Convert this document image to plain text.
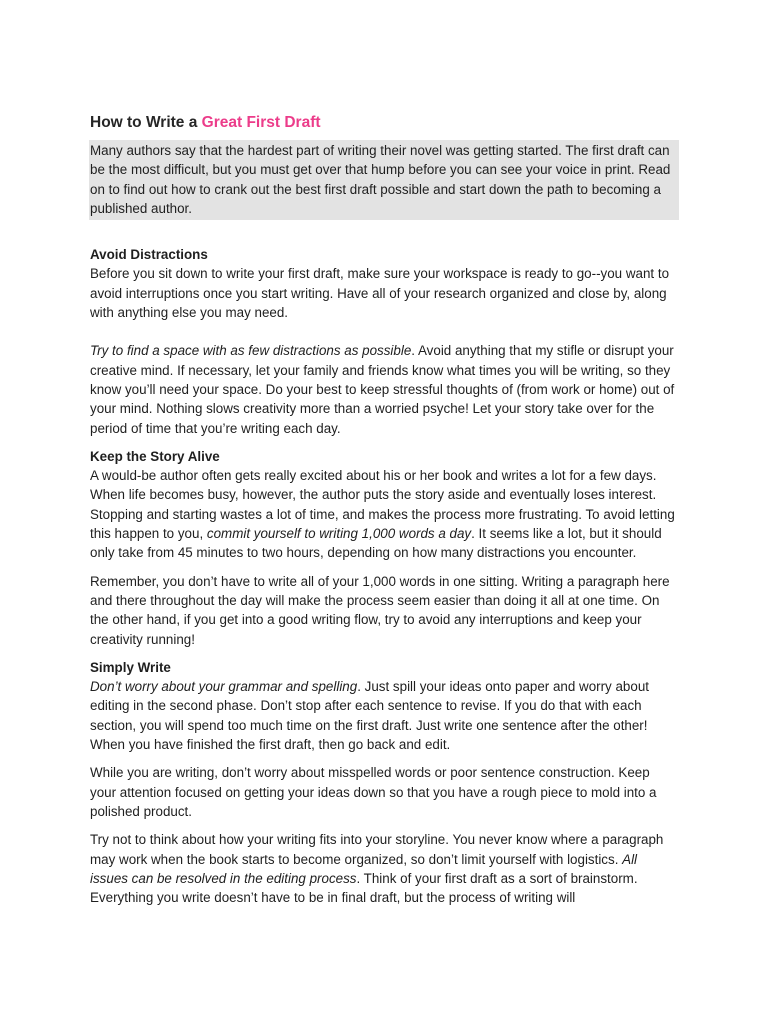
How to Write a Great First Draft

Many authors say that the hardest part of writing their novel was getting started. The first draft can be the most difficult, but you must get over that hump before you can see your voice in print. Read on to find out how to crank out the best first draft possible and start down the path to becoming a published author.

Avoid Distractions

Before you sit down to write your first draft, make sure your workspace is ready to go--you want to avoid interruptions once you start writing. Have all of your research organized and close by, along with anything else you may need.

Try to find a space with as few distractions as possible. Avoid anything that my stifle or disrupt your creative mind. If necessary, let your family and friends know what times you will be writing, so they know you’ll need your space. Do your best to keep stressful thoughts of (from work or home) out of your mind. Nothing slows creativity more than a worried psyche! Let your story take over for the period of time that you’re writing each day.

Keep the Story Alive

A would-be author often gets really excited about his or her book and writes a lot for a few days. When life becomes busy, however, the author puts the story aside and eventually loses interest. Stopping and starting wastes a lot of time, and makes the process more frustrating. To avoid letting this happen to you, commit yourself to writing 1,000 words a day. It seems like a lot, but it should only take from 45 minutes to two hours, depending on how many distractions you encounter.

Remember, you don’t have to write all of your 1,000 words in one sitting. Writing a paragraph here and there throughout the day will make the process seem easier than doing it all at one time. On the other hand, if you get into a good writing flow, try to avoid any interruptions and keep your creativity running!

Simply Write

Don’t worry about your grammar and spelling. Just spill your ideas onto paper and worry about editing in the second phase. Don’t stop after each sentence to revise. If you do that with each section, you will spend too much time on the first draft. Just write one sentence after the other! When you have finished the first draft, then go back and edit.

While you are writing, don’t worry about misspelled words or poor sentence construction. Keep your attention focused on getting your ideas down so that you have a rough piece to mold into a polished product.

Try not to think about how your writing fits into your storyline. You never know where a paragraph may work when the book starts to become organized, so don’t limit yourself with logistics. All issues can be resolved in the editing process. Think of your first draft as a sort of brainstorm. Everything you write doesn’t have to be in final draft, but the process of writing will
